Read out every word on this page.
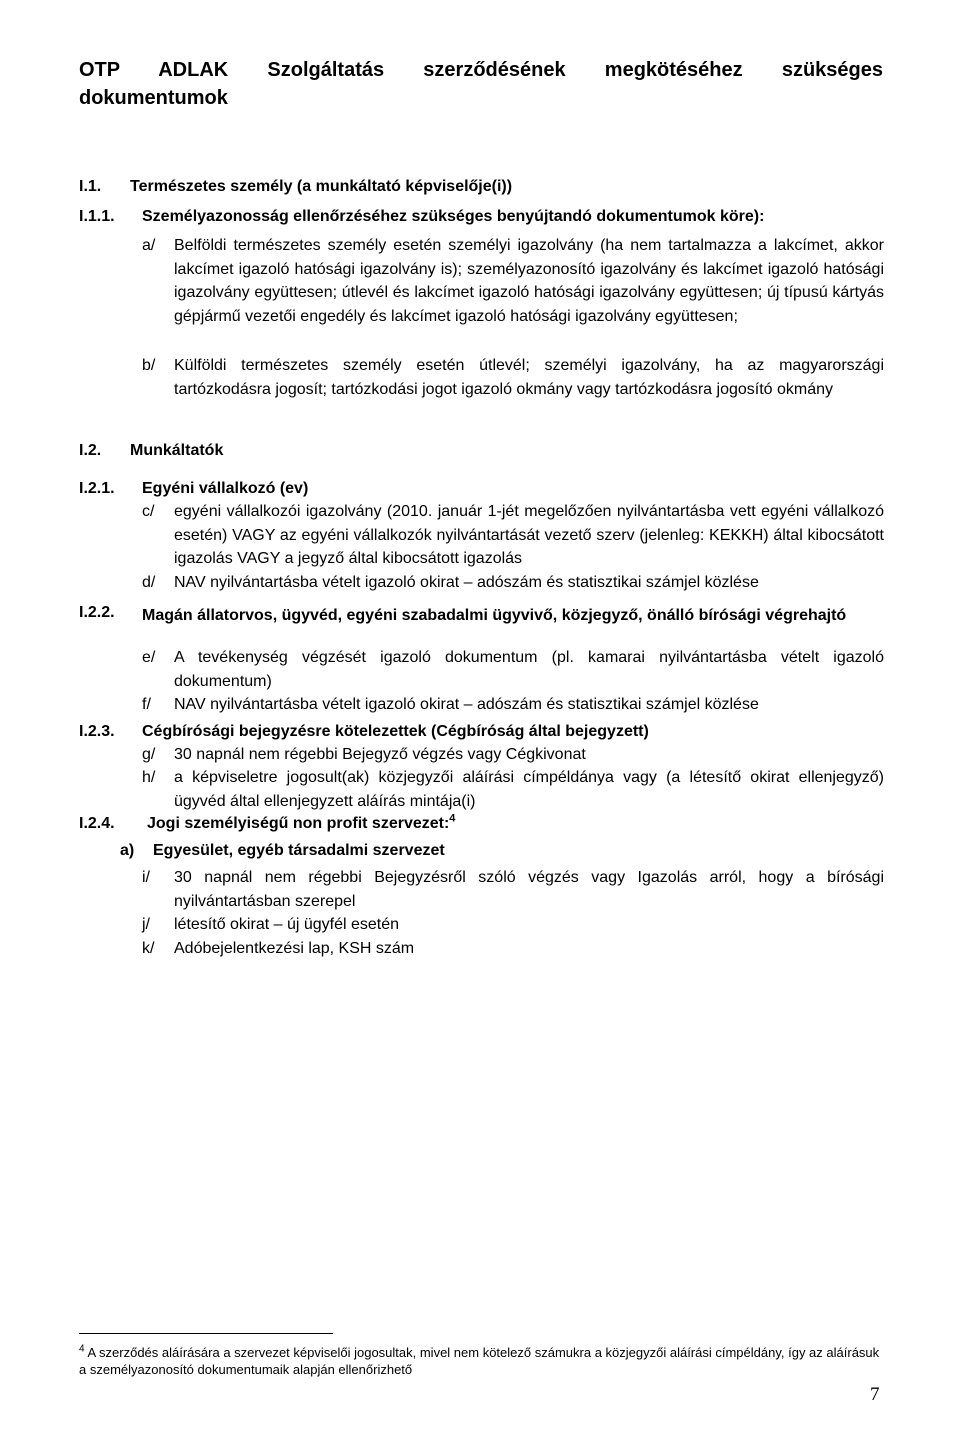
OTP ADLAK Szolgáltatás szerződésének megkötéséhez szükséges
dokumentumok
I.1. Természetes személy (a munkáltató képviselője(i))
I.1.1. Személyazonosság ellenőrzéséhez szükséges benyújtandó dokumentumok köre):
a/	Belföldi természetes személy esetén személyi igazolvány (ha nem tartalmazza a lakcímet, akkor lakcímet igazoló hatósági igazolvány is); személyazonosító igazolvány és lakcímet igazoló hatósági igazolvány együttesen; útlevél és lakcímet igazoló hatósági igazolvány együttesen; új típusú kártyás gépjármű vezetői engedély és lakcímet igazoló hatósági igazolvány együttesen;
b/	Külföldi természetes személy esetén útlevél; személyi igazolvány, ha az magyarországi tartózkodásra jogosít; tartózkodási jogot igazoló okmány vagy tartózkodásra jogosító okmány
I.2. Munkáltatók
I.2.1. Egyéni vállalkozó (ev)
c/	egyéni vállalkozói igazolvány (2010. január 1-jét megelőzően nyilvántartásba vett egyéni vállalkozó esetén) VAGY az egyéni vállalkozók nyilvántartását vezető szerv (jelenleg: KEKKH) által kibocsátott igazolás VAGY a jegyző által kibocsátott igazolás
d/	NAV nyilvántartásba vételt igazoló okirat – adószám és statisztikai számjel közlése
I.2.2. Magán állatorvos, ügyvéd, egyéni szabadalmi ügyvivő, közjegyző, önálló bírósági végrehajtó
e/	A tevékenység végzését igazoló dokumentum (pl. kamarai nyilvántartásba vételt igazoló dokumentum)
f/	NAV nyilvántartásba vételt igazoló okirat – adószám és statisztikai számjel közlése
I.2.3. Cégbírósági bejegyzésre kötelezettek (Cégbíróság által bejegyzett)
g/	30 napnál nem régebbi Bejegyző végzés vagy Cégkivonat
h/	a képviseletre jogosult(ak) közjegyzői aláírási címpéldánya vagy (a létesítő okirat ellenjegyző) ügyvéd által ellenjegyzett aláírás mintája(i)
I.2.4. Jogi személyiségű non profit szervezet:$^4$
a) Egyesület, egyéb társadalmi szervezet
i/	30 napnál nem régebbi Bejegyzésről szóló végzés vagy Igazolás arról, hogy a bírósági nyilvántartásban szerepel
j/	létesítő okirat – új ügyfél esetén
k/	Adóbejelentkezési lap, KSH szám
$^4$ A szerződés aláírására a szervezet képviselői jogosultak, mivel nem kötelező számukra a közjegyzői aláírási címpéldány, így az aláírásuk a személyazonosító dokumentumaik alapján ellenőrizhető
7
